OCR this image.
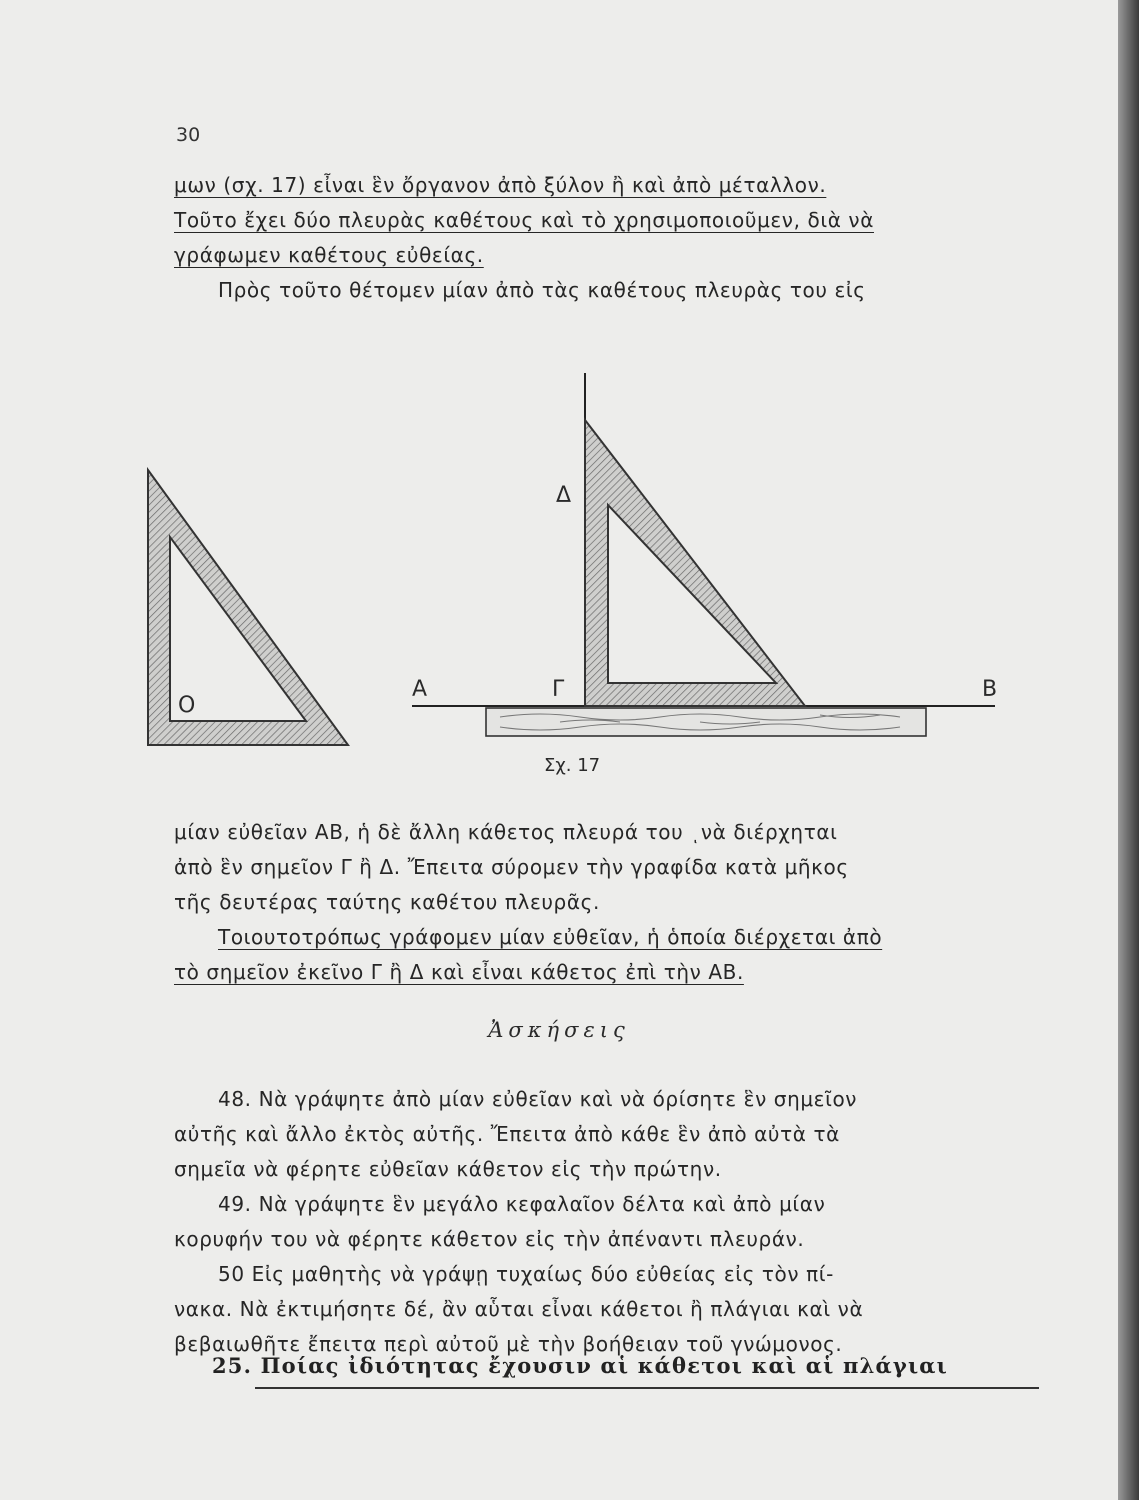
30

μων (σχ. 17) εἶναι ἓν ὄργανον ἀπὸ ξύλον ἢ καὶ ἀπὸ μέταλλον.

Τοῦτο ἔχει δύο πλευρὰς καθέτους καὶ τὸ χρησιμοποιοῦμεν, διὰ νὰ

γράφωμεν καθέτους εὐθείας.

Πρὸς τοῦτο θέτομεν μίαν ἀπὸ τὰς καθέτους πλευρὰς του εἰς

Ο
Α	Γ
Δ
Β
Σχ. 17

μίαν εὐθεῖαν ΑΒ, ἡ δὲ ἄλλη κάθετος πλευρά του ͺνὰ διέρχηται

ἀπὸ ἓν σημεῖον Γ ἢ Δ. Ἔπειτα σύρομεν τὴν γραφίδα κατὰ μῆκος

τῆς δευτέρας ταύτης καθέτου πλευρᾶς.

Τοιουτοτρόπως γράφομεν μίαν εὐθεῖαν, ἡ ὁποία διέρχεται ἀπὸ

τὸ σημεῖον ἐκεῖνο Γ ἢ Δ καὶ εἶναι κάθετος ἐπὶ τὴν ΑΒ.

Ἀσκήσεις

48. Νὰ γράψητε ἀπὸ μίαν εὐθεῖαν καὶ νὰ όρίσητε ἓν σημεῖον

αὐτῆς καὶ ἄλλο ἐκτὸς αὐτῆς. Ἔπειτα ἀπὸ κάθε ἓν ἀπὸ αὐτὰ τὰ

σημεῖα νὰ φέρητε εὐθεῖαν κάθετον εἰς τὴν πρώτην.

49. Νὰ γράψητε ἓν μεγάλο κεφαλαῖον δέλτα καὶ ἀπὸ μίαν

κορυφήν του νὰ φέρητε κάθετον εἰς τὴν ἀπέναντι πλευράν.

50 Εἰς μαθητὴς νὰ γράψῃ τυχαίως δύο εὐθείας εἰς τὸν πί-

νακα. Νὰ ἐκτιμήσητε δέ, ἂν αὗται εἶναι κάθετοι ἢ πλάγιαι καὶ νὰ

βεβαιωθῆτε ἔπειτα περὶ αὐτοῦ μὲ τὴν βοήθειαν τοῦ γνώμονος.

25. Ποίας ἰδιότητας ἔχουσιν αἱ κάθετοι καὶ αἱ πλάγιαι
